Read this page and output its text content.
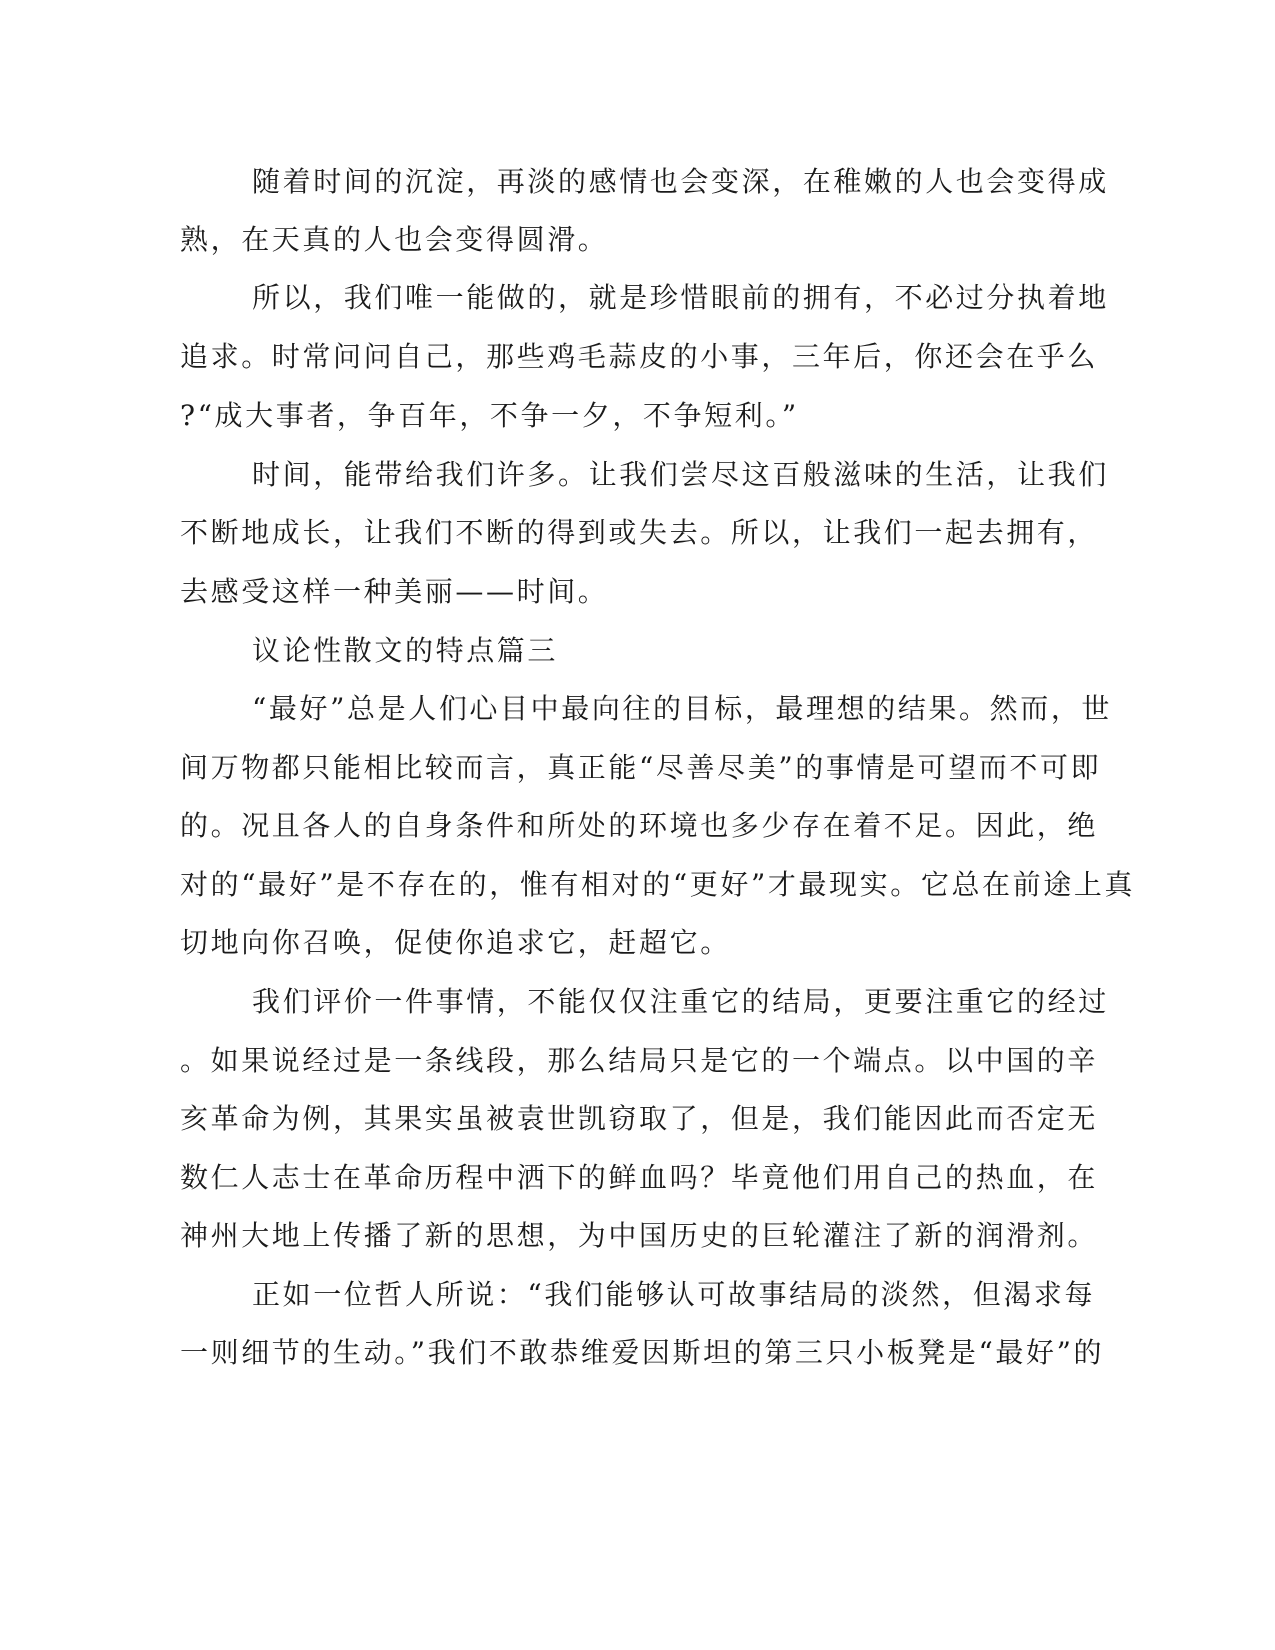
随着时间的沉淀，再淡的感情也会变深，在稚嫩的人也会变得成
熟，在天真的人也会变得圆滑。
所以，我们唯一能做的，就是珍惜眼前的拥有，不必过分执着地
追求。时常问问自己，那些鸡毛蒜皮的小事，三年后，你还会在乎么
?“成大事者，争百年，不争一夕，不争短利。”
时间，能带给我们许多。让我们尝尽这百般滋味的生活，让我们
不断地成长，让我们不断的得到或失去。所以，让我们一起去拥有，
去感受这样一种美丽——时间。
议论性散文的特点篇三
“最好”总是人们心目中最向往的目标，最理想的结果。然而，世
间万物都只能相比较而言，真正能“尽善尽美”的事情是可望而不可即
的。况且各人的自身条件和所处的环境也多少存在着不足。因此，绝
对的“最好”是不存在的，惟有相对的“更好”才最现实。它总在前途上真
切地向你召唤，促使你追求它，赶超它。
我们评价一件事情，不能仅仅注重它的结局，更要注重它的经过
。如果说经过是一条线段，那么结局只是它的一个端点。以中国的辛
亥革命为例，其果实虽被袁世凯窃取了，但是，我们能因此而否定无
数仁人志士在革命历程中洒下的鲜血吗？毕竟他们用自己的热血，在
神州大地上传播了新的思想，为中国历史的巨轮灌注了新的润滑剂。
正如一位哲人所说：“我们能够认可故事结局的淡然，但渴求每
一则细节的生动。”我们不敢恭维爱因斯坦的第三只小板凳是“最好”的
